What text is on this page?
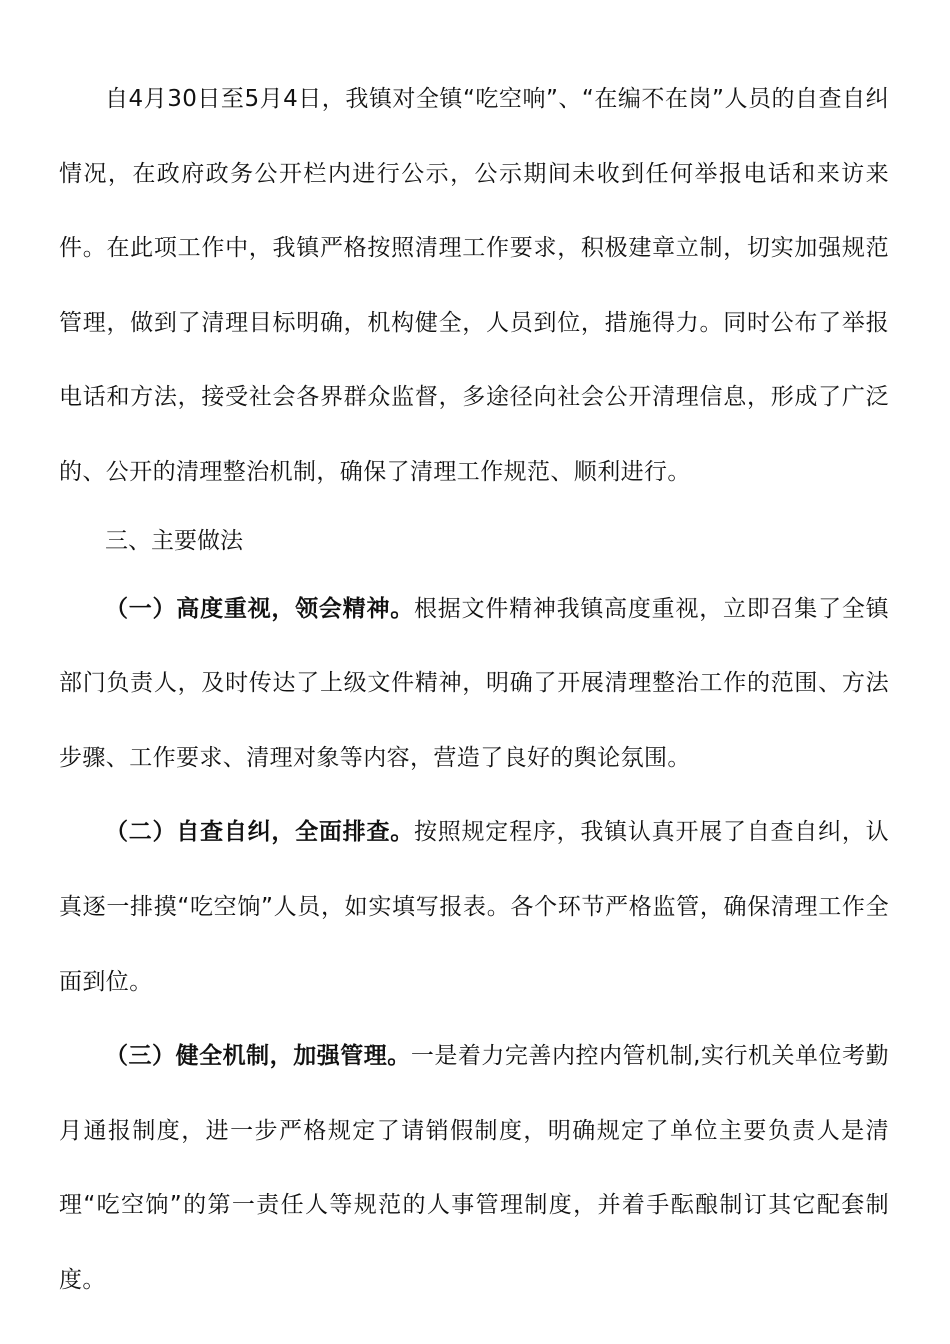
自4月30日至5月4日，我镇对全镇“吃空响”、“在编不在岗”人员的自查自纠情况，在政府政务公开栏内进行公示，公示期间未收到任何举报电话和来访来件。在此项工作中，我镇严格按照清理工作要求，积极建章立制，切实加强规范管理，做到了清理目标明确，机构健全，人员到位，措施得力。同时公布了举报电话和方法，接受社会各界群众监督，多途径向社会公开清理信息，形成了广泛的、公开的清理整治机制，确保了清理工作规范、顺利进行。

三、主要做法

（一）高度重视，领会精神。根据文件精神我镇高度重视，立即召集了全镇部门负责人，及时传达了上级文件精神，明确了开展清理整治工作的范围、方法步骤、工作要求、清理对象等内容，营造了良好的舆论氛围。

（二）自查自纠，全面排查。按照规定程序，我镇认真开展了自查自纠，认真逐一排摸“吃空饷”人员，如实填写报表。各个环节严格监管，确保清理工作全面到位。

（三）健全机制，加强管理。一是着力完善内控内管机制,实行机关单位考勤月通报制度，进一步严格规定了请销假制度，明确规定了单位主要负责人是清理“吃空饷”的第一责任人等规范的人事管理制度，并着手酝酿制订其它配套制度。
